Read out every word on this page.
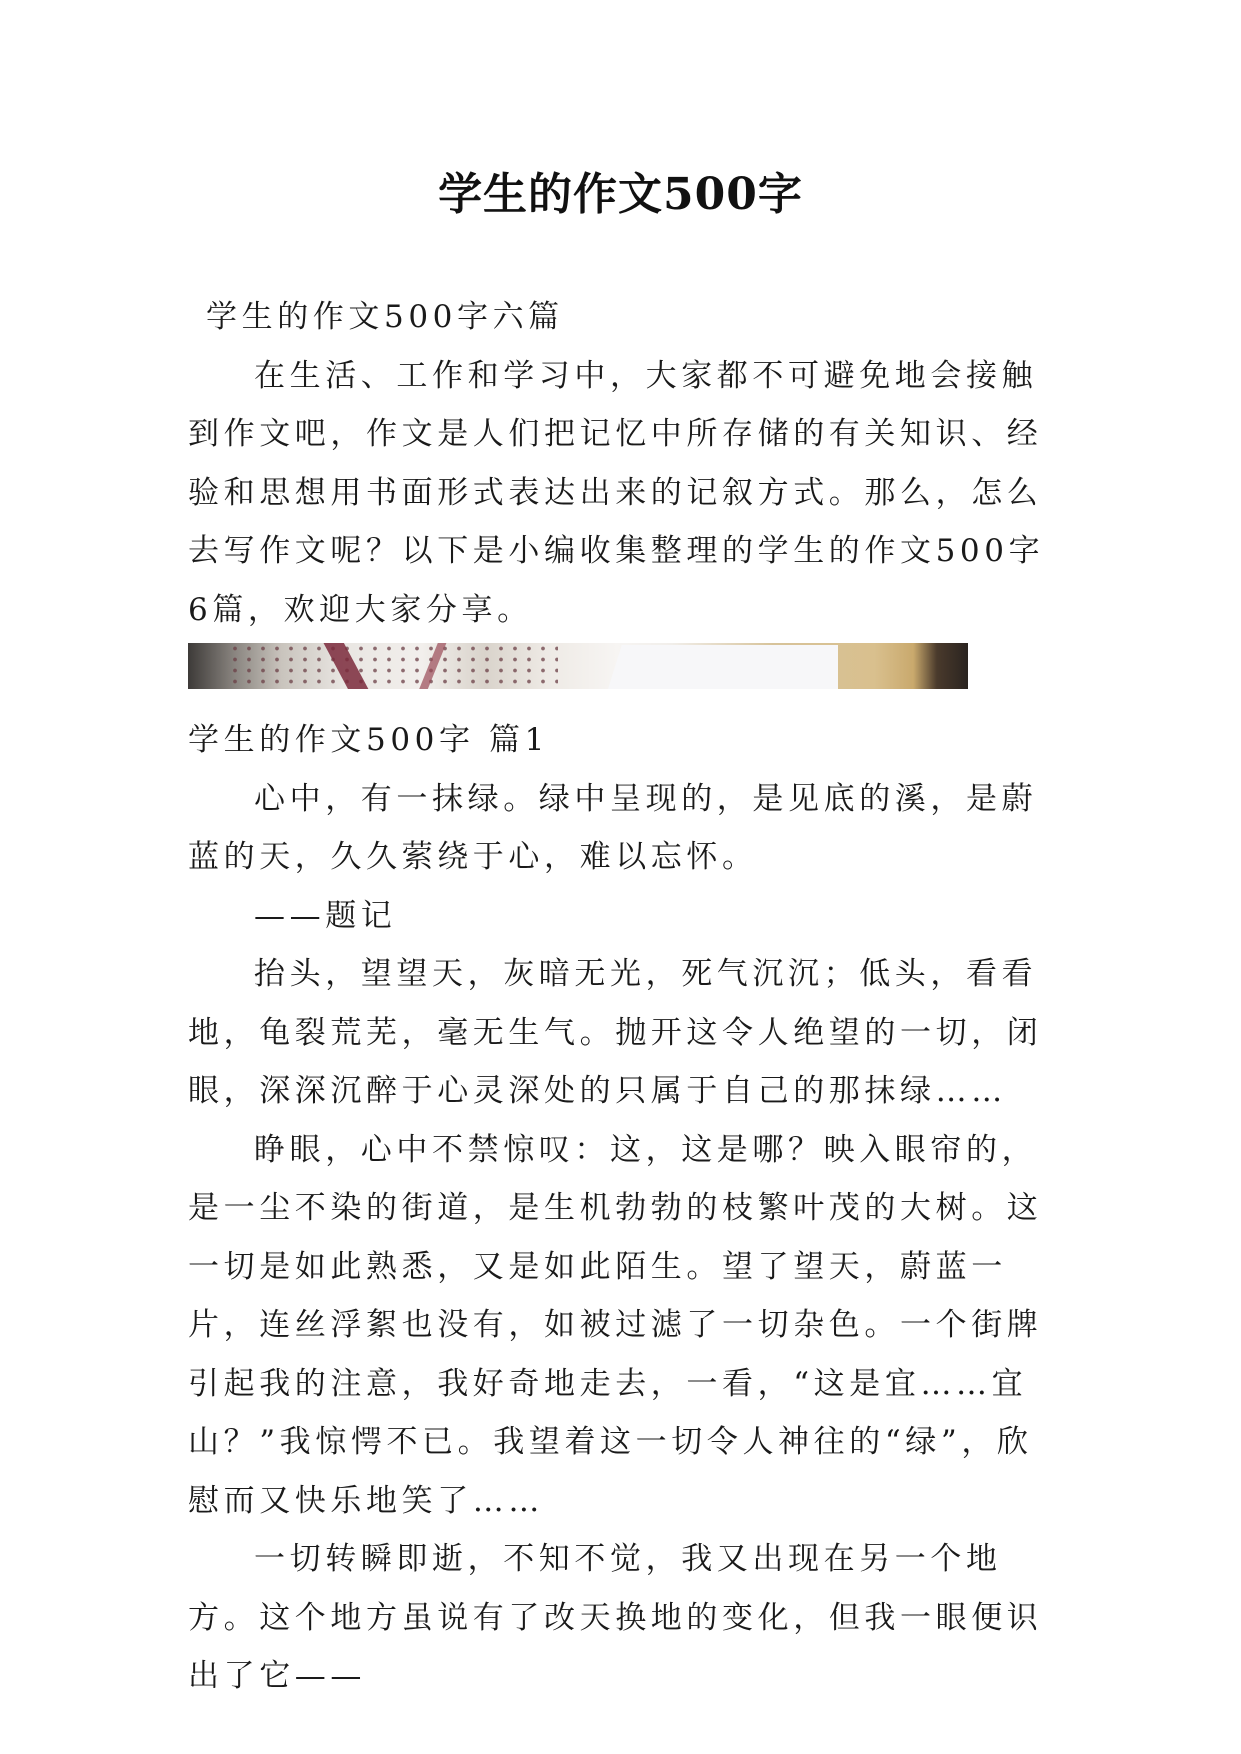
学生的作文500字

学生的作文500字六篇

在生活、工作和学习中，大家都不可避免地会接触到作文吧，作文是人们把记忆中所存储的有关知识、经验和思想用书面形式表达出来的记叙方式。那么，怎么去写作文呢？以下是小编收集整理的学生的作文500字6篇，欢迎大家分享。

学生的作文500字 篇1

心中，有一抹绿。绿中呈现的，是见底的溪，是蔚蓝的天，久久萦绕于心，难以忘怀。

——题记

抬头，望望天，灰暗无光，死气沉沉；低头，看看地，龟裂荒芜，毫无生气。抛开这令人绝望的一切，闭眼，深深沉醉于心灵深处的只属于自己的那抹绿……

睁眼，心中不禁惊叹：这，这是哪？映入眼帘的，是一尘不染的街道，是生机勃勃的枝繁叶茂的大树。这一切是如此熟悉，又是如此陌生。望了望天，蔚蓝一片，连丝浮絮也没有，如被过滤了一切杂色。一个街牌引起我的注意，我好奇地走去，一看，“这是宜……宜山？”我惊愕不已。我望着这一切令人神往的“绿”，欣慰而又快乐地笑了……

一切转瞬即逝，不知不觉，我又出现在另一个地方。这个地方虽说有了改天换地的变化，但我一眼便识出了它——
